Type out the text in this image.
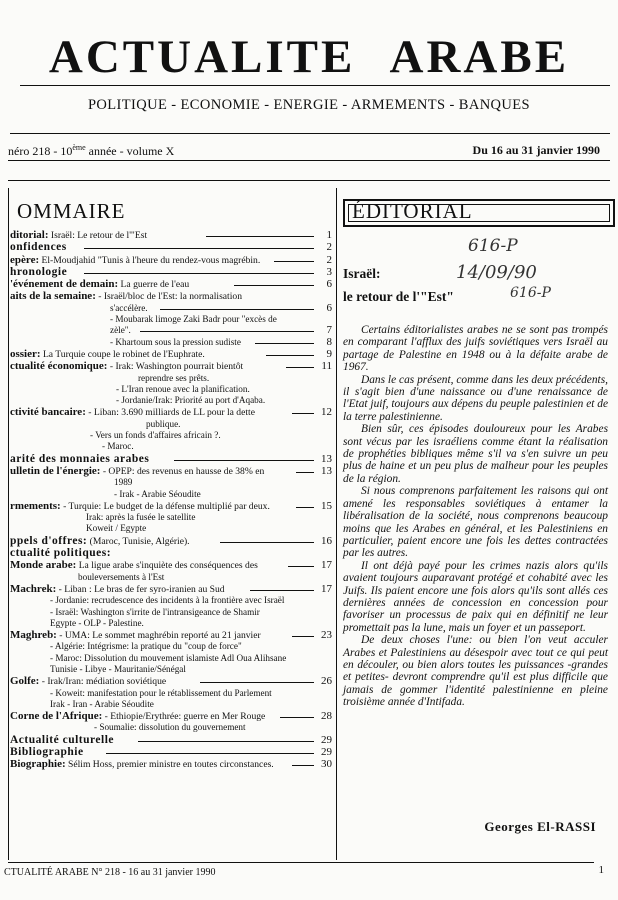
ACTUALITE ARABE
POLITIQUE - ECONOMIE - ENERGIE - ARMEMENTS - BANQUES
néro 218 - 10ème année - volume X	Du 16 au 31 janvier 1990
OMMAIRE
ditorial: Israël: Le retour de l'"Est	1
onfidences	2
epère: El-Moudjahid "Tunis à l'heure du rendez-vous magrébin.	2
hronologie	3
'événement de demain: La guerre de l'eau	6
aits de la semaine: - Israël/bloc de l'Est: la normalisation
s'accélère.	6
- Moubarak limoge Zaki Badr pour "excès de
zèle".	7
- Khartoum sous la pression sudiste	8
ossier: La Turquie coupe le robinet de l'Euphrate.	9
ctualité économique: - Irak: Washington pourrait bientôt	11
reprendre ses prêts.
- L'Iran renoue avec la planification.
- Jordanie/Irak: Priorité au port d'Aqaba.
ctivité bancaire: - Liban: 3.690 milliards de LL pour la dette	12
publique.
- Vers un fonds d'affaires africain ?.
- Maroc.
arité des monnaies arabes	13
ulletin de l'énergie: - OPEP: des revenus en hausse de 38% en	13
1989
- Irak - Arabie Séoudite
rmements: - Turquie: Le budget de la défense multiplié par deux.	15
Irak: après la fusée le satellite
Koweit / Egypte
ppels d'offres: (Maroc, Tunisie, Algérie).	16
ctualité politiques:
Monde arabe: La ligue arabe s'inquiète des conséquences des	17
bouleversements à l'Est
Machrek: - Liban : Le bras de fer syro-iranien au Sud	17
- Jordanie: recrudescence des incidents à la frontière avec Israël
- Israël: Washington s'irrite de l'intransigeance de Shamir
Egypte - OLP - Palestine.
Maghreb: - UMA: Le sommet maghrébin reporté au 21 janvier	23
- Algérie: Intégrisme: la pratique du "coup de force"
- Maroc: Dissolution du mouvement islamiste Adl Oua Alihsane
Tunisie - Libye - Mauritanie/Sénégal
Golfe: - Irak/Iran: médiation soviétique	26
- Koweit: manifestation pour le rétablissement du Parlement
Irak - Iran - Arabie Séoudite
Corne de l'Afrique: - Ethiopie/Erythrée: guerre en Mer Rouge	28
- Soumalie: dissolution du gouvernement
Actualité culturelle	29
Bibliographie	29
Biographie: Sélim Hoss, premier ministre en toutes circonstances.	30
ÉDITORIAL
616-P
14/09/90
616-P
Israël:
le retour de l'"Est"

Certains éditorialistes arabes ne se sont pas trompés en comparant l'afflux des juifs soviétiques vers Israël au partage de Palestine en 1948 ou à la défaite arabe de 1967.

Dans le cas présent, comme dans les deux précédents, il s'agit bien d'une naissance ou d'une renaissance de l'Etat juif, toujours aux dépens du peuple palestinien et de la terre palestinienne.

Bien sûr, ces épisodes douloureux pour les Arabes sont vécus par les israéliens comme étant la réalisation de prophéties bibliques même s'il va s'en suivre un peu plus de haine et un peu plus de malheur pour les peuples de la région.

Si nous comprenons parfaitement les raisons qui ont amené les responsables soviétiques à entamer la libéralisation de la société, nous comprenons beaucoup moins que les Arabes en général, et les Palestiniens en particulier, paient encore une fois les dettes contractées par les autres.

Il ont déjà payé pour les crimes nazis alors qu'ils avaient toujours auparavant protégé et cohabité avec les Juifs. Ils paient encore une fois alors qu'ils sont allés ces dernières années de concession en concession pour favoriser un processus de paix qui en définitif ne leur promettait pas la lune, mais un foyer et un passeport.

De deux choses l'une: ou bien l'on veut acculer Arabes et Palestiniens au désespoir avec tout ce qui peut en découler, ou bien alors toutes les puissances -grandes et petites- devront comprendre qu'il est plus difficile que jamais de gommer l'identité palestinienne en pleine troisième année d'Intifada.

Georges El-RASSI
CTUALITÉ ARABE N° 218 - 16 au 31 janvier 1990	1
